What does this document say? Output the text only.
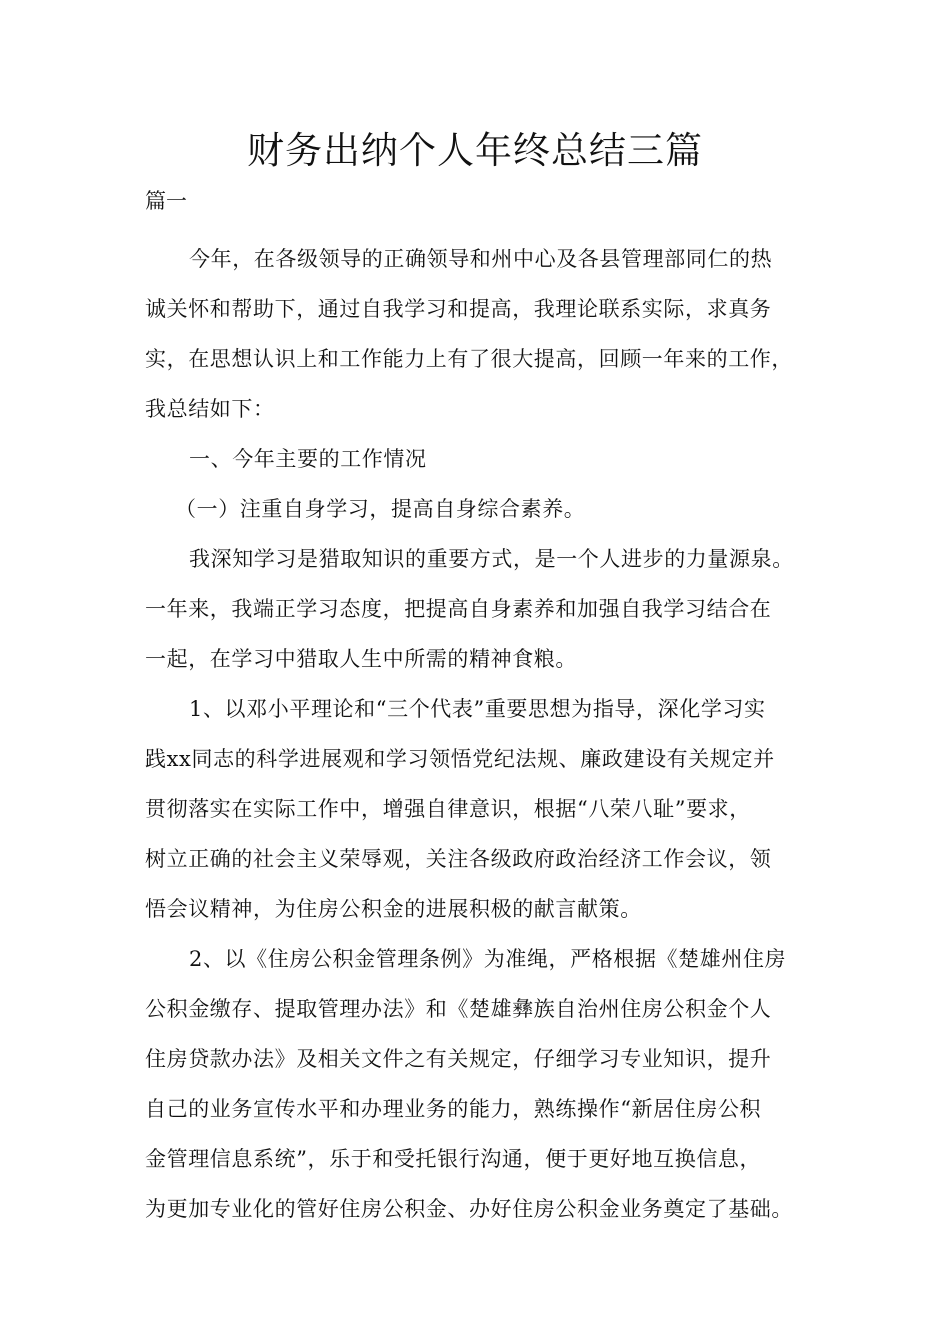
财务出纳个人年终总结三篇

篇一

今年，在各级领导的正确领导和州中心及各县管理部同仁的热
诚关怀和帮助下，通过自我学习和提高，我理论联系实际，求真务
实，在思想认识上和工作能力上有了很大提高，回顾一年来的工作，
我总结如下：

一、今年主要的工作情况

（一）注重自身学习，提高自身综合素养。

我深知学习是猎取知识的重要方式，是一个人进步的力量源泉。
一年来，我端正学习态度，把提高自身素养和加强自我学习结合在
一起，在学习中猎取人生中所需的精神食粮。

1、以邓小平理论和“三个代表”重要思想为指导，深化学习实
践xx同志的科学进展观和学习领悟党纪法规、廉政建设有关规定并
贯彻落实在实际工作中，增强自律意识，根据“八荣八耻”要求，
树立正确的社会主义荣辱观，关注各级政府政治经济工作会议，领
悟会议精神，为住房公积金的进展积极的献言献策。

2、以《住房公积金管理条例》为准绳，严格根据《楚雄州住房
公积金缴存、提取管理办法》和《楚雄彝族自治州住房公积金个人
住房贷款办法》及相关文件之有关规定，仔细学习专业知识，提升
自己的业务宣传水平和办理业务的能力，熟练操作“新居住房公积
金管理信息系统”，乐于和受托银行沟通，便于更好地互换信息，
为更加专业化的管好住房公积金、办好住房公积金业务奠定了基础。
